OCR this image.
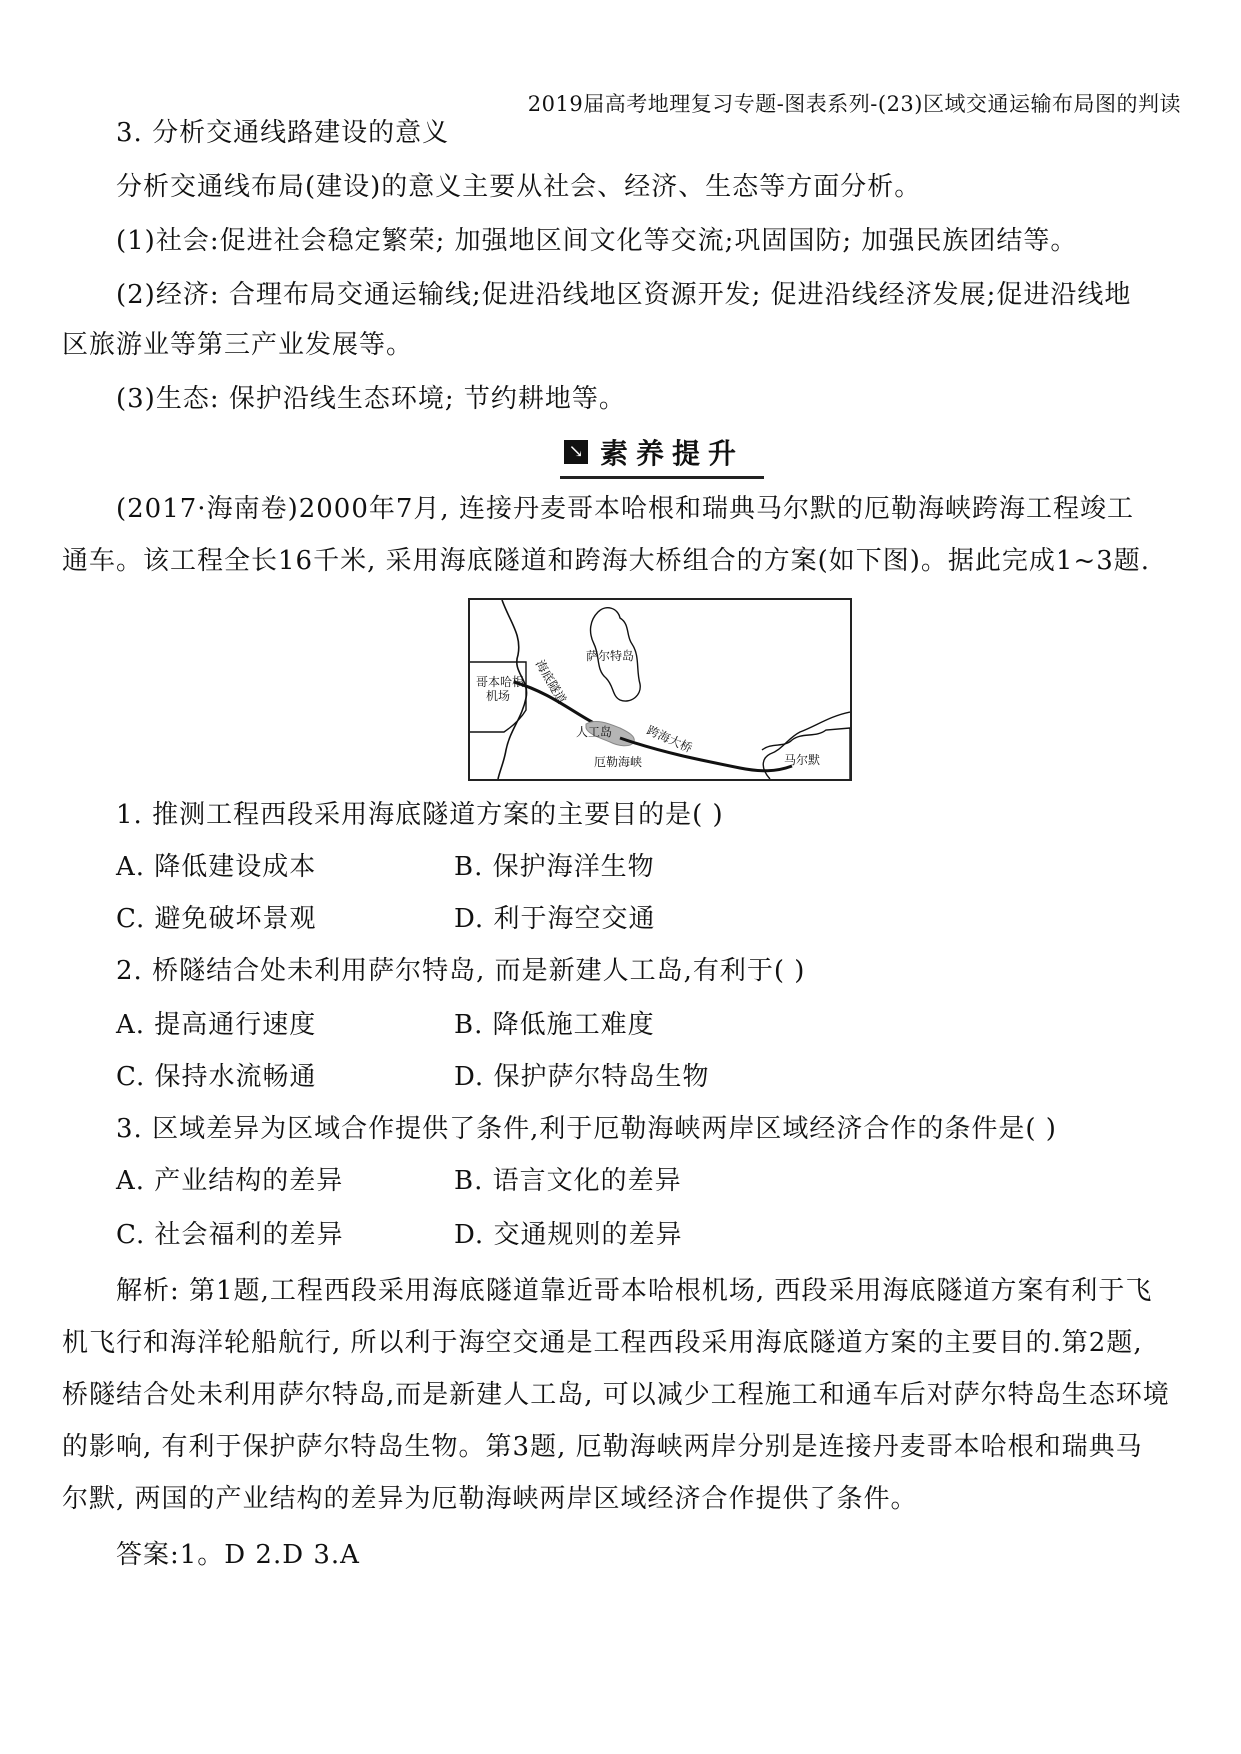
2019届高考地理复习专题-图表系列-(23)区域交通运输布局图的判读
3. 分析交通线路建设的意义
分析交通线布局(建设)的意义主要从社会、经济、生态等方面分析。
(1)社会:促进社会稳定繁荣; 加强地区间文化等交流;巩固国防; 加强民族团结等。
(2)经济: 合理布局交通运输线;促进沿线地区资源开发; 促进沿线经济发展;促进沿线地
区旅游业等第三产业发展等。
(3)生态: 保护沿线生态环境; 节约耕地等。
↘ 素养提升
(2017·海南卷)2000年7月, 连接丹麦哥本哈根和瑞典马尔默的厄勒海峡跨海工程竣工
通车。该工程全长16千米, 采用海底隧道和跨海大桥组合的方案(如下图)。据此完成1~3题.
哥本哈根
机场
萨尔特岛
海底隧道
人工岛	跨海大桥
厄勒海峡	马尔默
1. 推测工程西段采用海底隧道方案的主要目的是( )
A. 降低建设成本	B. 保护海洋生物
C. 避免破坏景观	D. 利于海空交通
2. 桥隧结合处未利用萨尔特岛, 而是新建人工岛,有利于( )
A. 提高通行速度	B. 降低施工难度
C. 保持水流畅通	D. 保护萨尔特岛生物
3. 区域差异为区域合作提供了条件,利于厄勒海峡两岸区域经济合作的条件是( )
A. 产业结构的差异	B. 语言文化的差异
C. 社会福利的差异	D. 交通规则的差异
解析: 第1题,工程西段采用海底隧道靠近哥本哈根机场, 西段采用海底隧道方案有利于飞
机飞行和海洋轮船航行, 所以利于海空交通是工程西段采用海底隧道方案的主要目的.第2题,
桥隧结合处未利用萨尔特岛,而是新建人工岛, 可以减少工程施工和通车后对萨尔特岛生态环境
的影响, 有利于保护萨尔特岛生物。第3题, 厄勒海峡两岸分别是连接丹麦哥本哈根和瑞典马
尔默, 两国的产业结构的差异为厄勒海峡两岸区域经济合作提供了条件。
答案:1。D 2.D 3.A
